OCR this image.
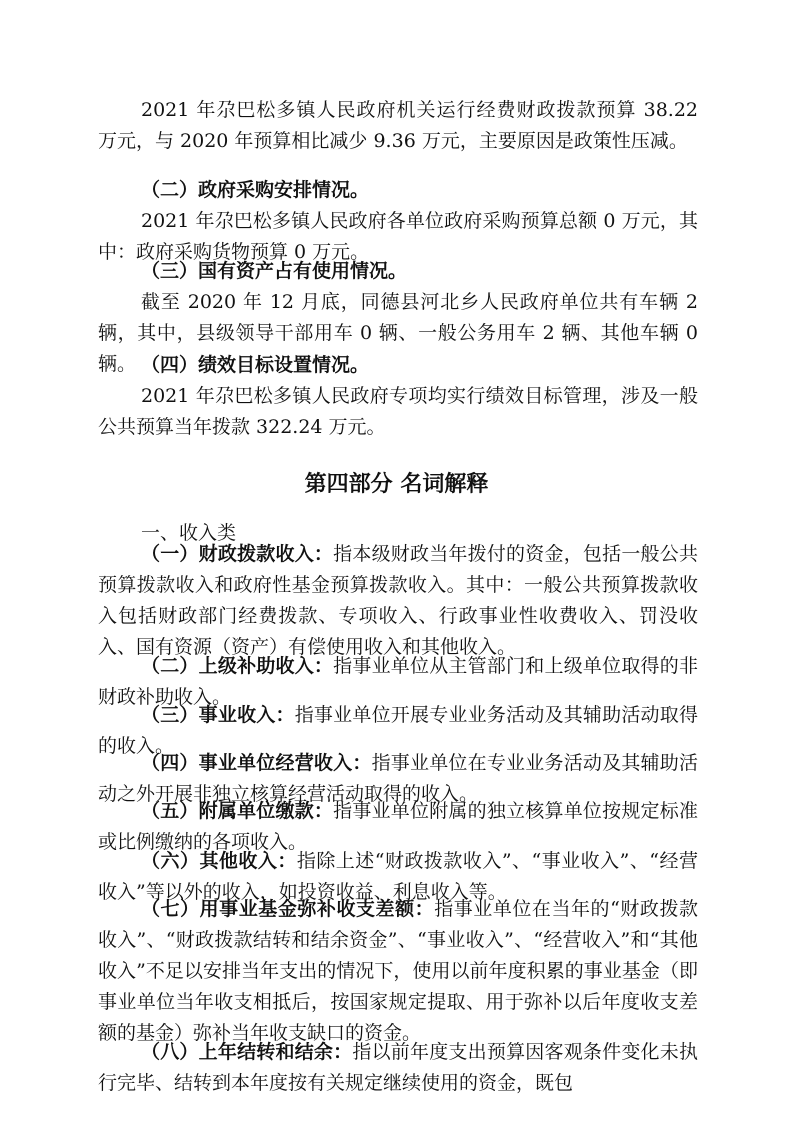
2021 年尕巴松多镇人民政府机关运行经费财政拨款预算 38.22 万元，与 2020 年预算相比减少 9.36 万元，主要原因是政策性压减。

（二）政府采购安排情况。

2021 年尕巴松多镇人民政府各单位政府采购预算总额 0 万元，其中：政府采购货物预算 0 万元。

（三）国有资产占有使用情况。

截至 2020 年 12 月底，同德县河北乡人民政府单位共有车辆 2 辆，其中，县级领导干部用车 0 辆、一般公务用车 2 辆、其他车辆 0 辆。 （四）绩效目标设置情况。

2021 年尕巴松多镇人民政府专项均实行绩效目标管理，涉及一般公共预算当年拨款 322.24 万元。

第四部分 名词解释

一、收入类

（一）财政拨款收入：指本级财政当年拨付的资金，包括一般公共预算拨款收入和政府性基金预算拨款收入。其中：一般公共预算拨款收入包括财政部门经费拨款、专项收入、行政事业性收费收入、罚没收入、国有资源（资产）有偿使用收入和其他收入。

（二）上级补助收入：指事业单位从主管部门和上级单位取得的非财政补助收入。

（三）事业收入：指事业单位开展专业业务活动及其辅助活动取得的收入。

（四）事业单位经营收入：指事业单位在专业业务活动及其辅助活动之外开展非独立核算经营活动取得的收入。

（五）附属单位缴款：指事业单位附属的独立核算单位按规定标准或比例缴纳的各项收入。

（六）其他收入：指除上述“财政拨款收入”、“事业收入”、“经营收入”等以外的收入，如投资收益、利息收入等。

（七）用事业基金弥补收支差额：指事业单位在当年的“财政拨款收入”、“财政拨款结转和结余资金”、“事业收入”、“经营收入”和“其他收入”不足以安排当年支出的情况下，使用以前年度积累的事业基金（即事业单位当年收支相抵后，按国家规定提取、用于弥补以后年度收支差额的基金）弥补当年收支缺口的资金。

（八）上年结转和结余：指以前年度支出预算因客观条件变化未执行完毕、结转到本年度按有关规定继续使用的资金，既包
